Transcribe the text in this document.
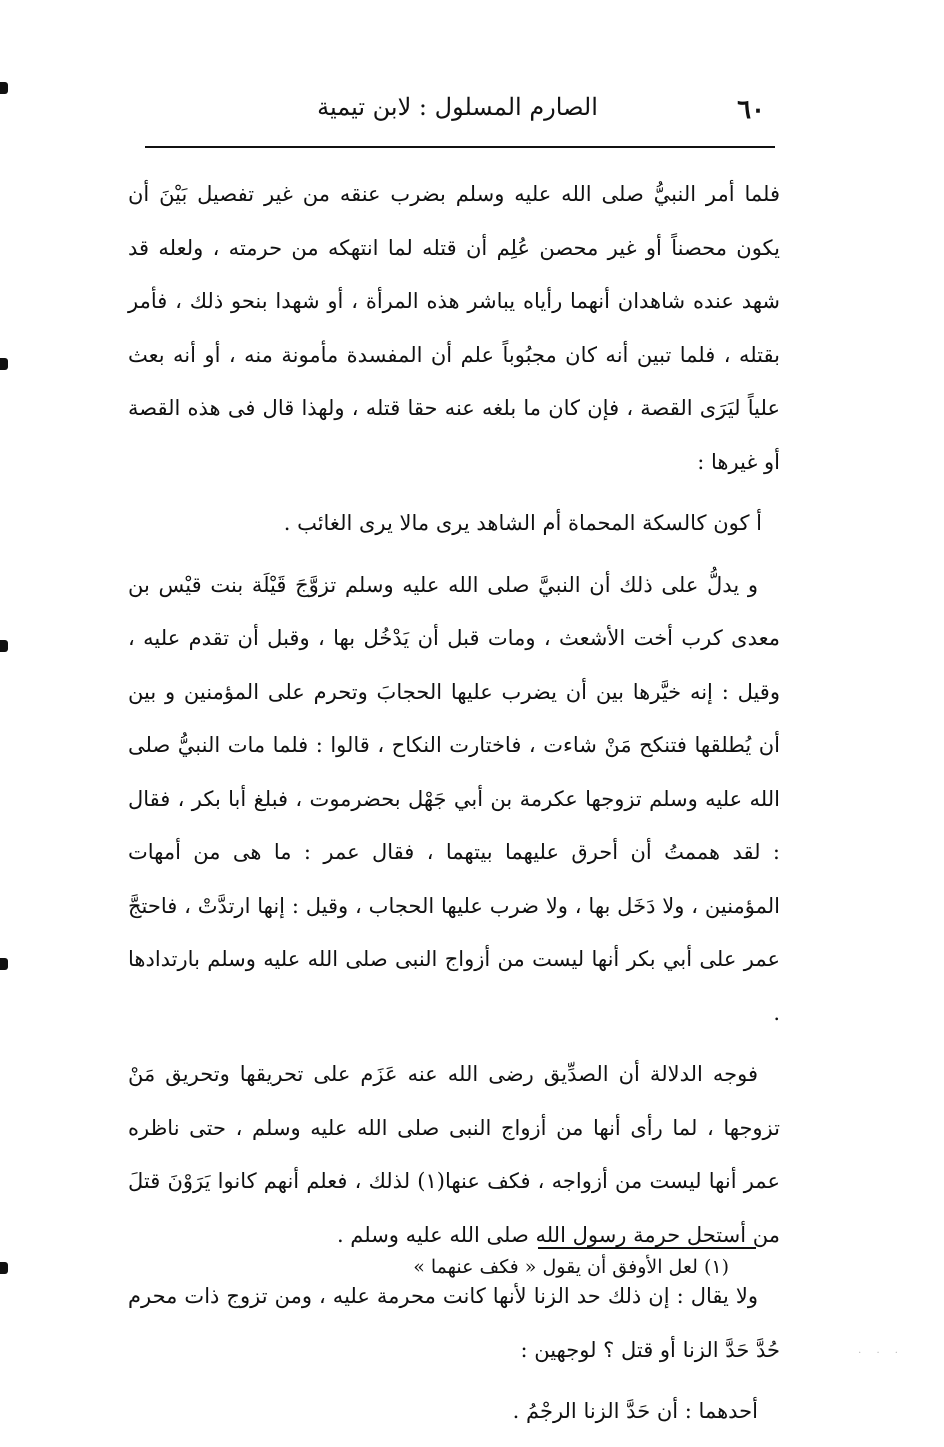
٦٠
الصارم المسلول : لابن تيمية

فلما أمر النبيُّ صلى الله عليه وسلم بضرب عنقه من غير تفصيل بَيْنَ أن يكون محصناً أو غير محصن عُلِم أن قتله لما انتهكه من حرمته ، ولعله قد شهد عنده شاهدان أنهما رأياه يباشر هذه المرأة ، أو شهدا بنحو ذلك ، فأمر بقتله ، فلما تبين أنه كان مجبُوباً علم أن المفسدة مأمونة منه ، أو أنه بعث علياً ليَرَى القصة ، فإن كان ما بلغه عنه حقا قتله ، ولهذا قال فى هذه القصة أو غيرها :

أ كون كالسكة المحماة أم الشاهد يرى مالا يرى الغائب .

و يدلُّ على ذلك أن النبيَّ صلى الله عليه وسلم تزوَّجَ قَيْلَة بنت قيْس بن معدى كرب أخت الأشعث ، ومات قبل أن يَدْخُل بها ، وقبل أن تقدم عليه ، وقيل : إنه خيَّرها بين أن يضرب عليها الحجابَ وتحرم على المؤمنين و بين أن يُطلقها فتنكح مَنْ شاءت ، فاختارت النكاح ، قالوا : فلما مات النبيُّ صلى الله عليه وسلم تزوجها عكرمة بن أبي جَهْل بحضرموت ، فبلغ أبا بكر ، فقال : لقد هممتُ أن أحرق عليهما بيتهما ، فقال عمر : ما هى من أمهات المؤمنين ، ولا دَخَل بها ، ولا ضرب عليها الحجاب ، وقيل : إنها ارتدَّتْ ، فاحتجَّ عمر على أبي بكر أنها ليست من أزواج النبى صلى الله عليه وسلم بارتدادها .

فوجه الدلالة أن الصدِّيق رضى الله عنه عَزَم على تحريقها وتحريق مَنْ تزوجها ، لما رأى أنها من أزواج النبى صلى الله عليه وسلم ، حتى ناظره عمر أنها ليست من أزواجه ، فكف عنها(١) لذلك ، فعلم أنهم كانوا يَرَوْنَ قتلَ من أستحل حرمة رسول الله صلى الله عليه وسلم .

ولا يقال : إن ذلك حد الزنا لأنها كانت محرمة عليه ، ومن تزوج ذات محرم حُدَّ حَدَّ الزنا أو قتل ؟ لوجهين :

أحدهما : أن حَدَّ الزنا الرجْمُ .

(١) لعل الأوفق أن يقول « فكف عنهما »
· · ·
